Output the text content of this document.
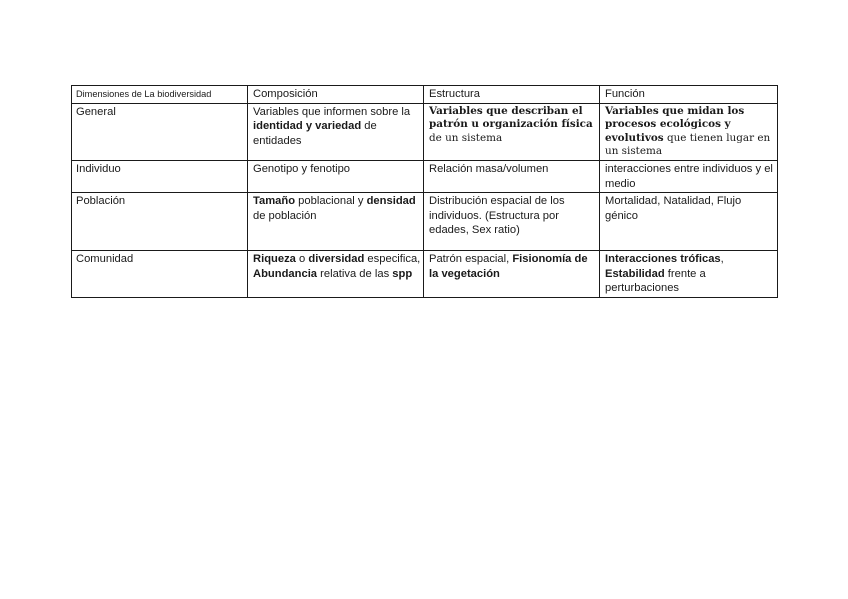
Dimensiones de La biodiversidad	Composición	Estructura	Función
General	Variables que informen sobre la identidad y variedad de entidades	Variables que describan el patrón u organización física de un sistema	Variables que midan los procesos ecológicos y evolutivos que tienen lugar en un sistema
Individuo	Genotipo y fenotipo	Relación masa/volumen	interacciones entre individuos y el medio
Población	Tamaño poblacional y densidad de población	Distribución espacial de los individuos. (Estructura por edades, Sex ratio)	Mortalidad, Natalidad, Flujo génico
Comunidad	Riqueza o diversidad especifica, Abundancia relativa de las spp	Patrón espacial, Fisionomía de la vegetación	Interacciones tróficas, Estabilidad frente a perturbaciones
